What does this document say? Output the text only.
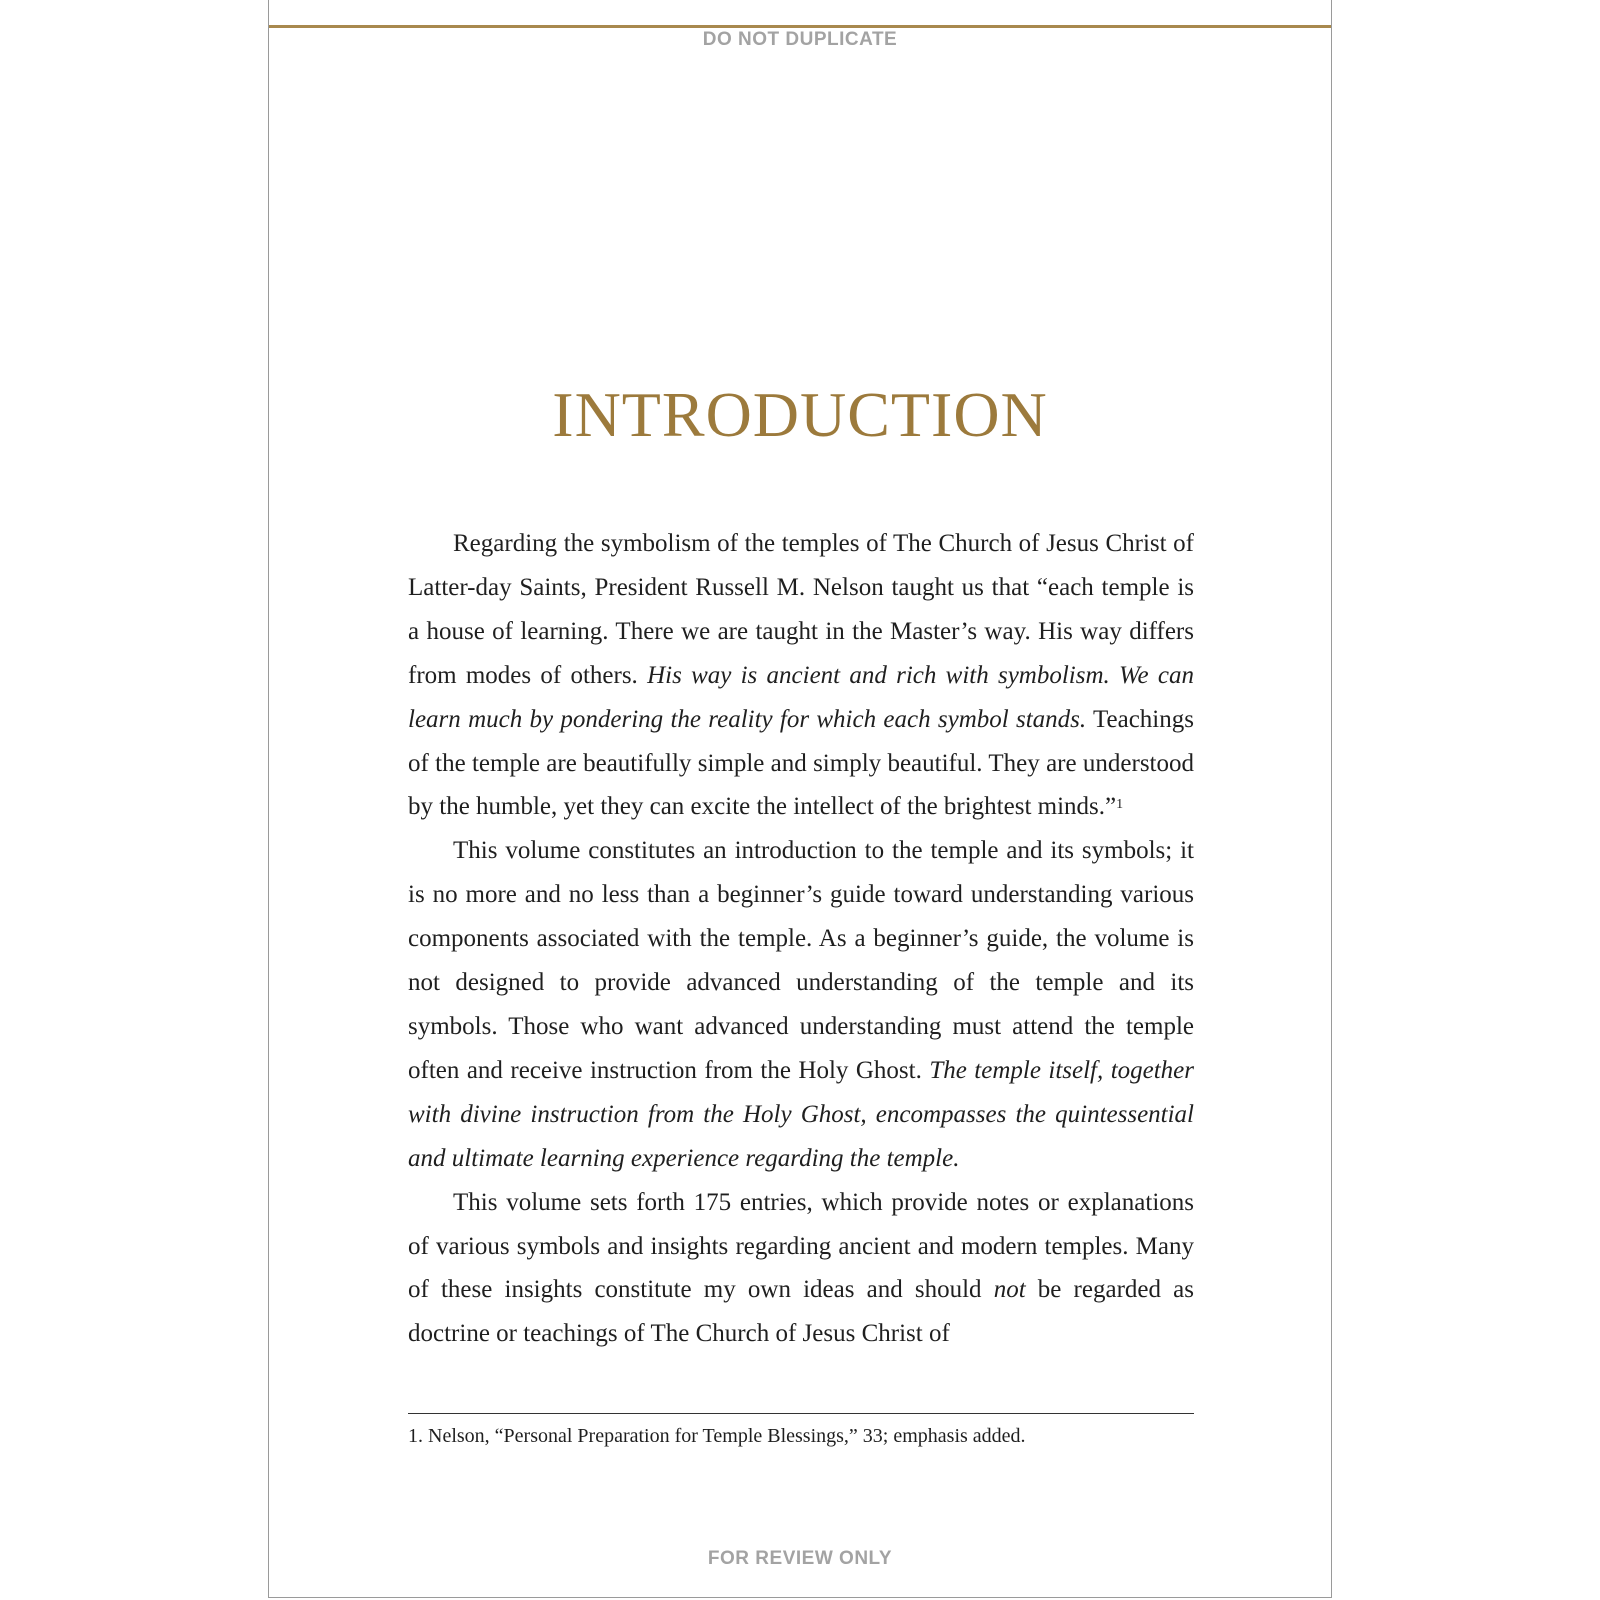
DO NOT DUPLICATE
INTRODUCTION

Regarding the symbolism of the temples of The Church of Jesus Christ of Latter-day Saints, President Russell M. Nelson taught us that “each temple is a house of learning. There we are taught in the Master’s way. His way differs from modes of others. His way is ancient and rich with symbolism. We can learn much by pondering the reality for which each symbol stands. Teachings of the temple are beautifully simple and simply beautiful. They are understood by the humble, yet they can excite the intellect of the brightest minds.”$^1$

This volume constitutes an introduction to the temple and its symbols; it is no more and no less than a beginner’s guide toward understanding various components associated with the temple. As a beginner’s guide, the volume is not designed to provide advanced understanding of the temple and its symbols. Those who want advanced understanding must attend the temple often and receive instruction from the Holy Ghost. The temple itself, together with divine instruction from the Holy Ghost, encompasses the quintessential and ultimate learning experience regarding the temple.

This volume sets forth 175 entries, which provide notes or explanations of various symbols and insights regarding ancient and modern temples. Many of these insights constitute my own ideas and should not be regarded as doctrine or teachings of The Church of Jesus Christ of

1. Nelson, “Personal Preparation for Temple Blessings,” 33; emphasis added.
FOR REVIEW ONLY
